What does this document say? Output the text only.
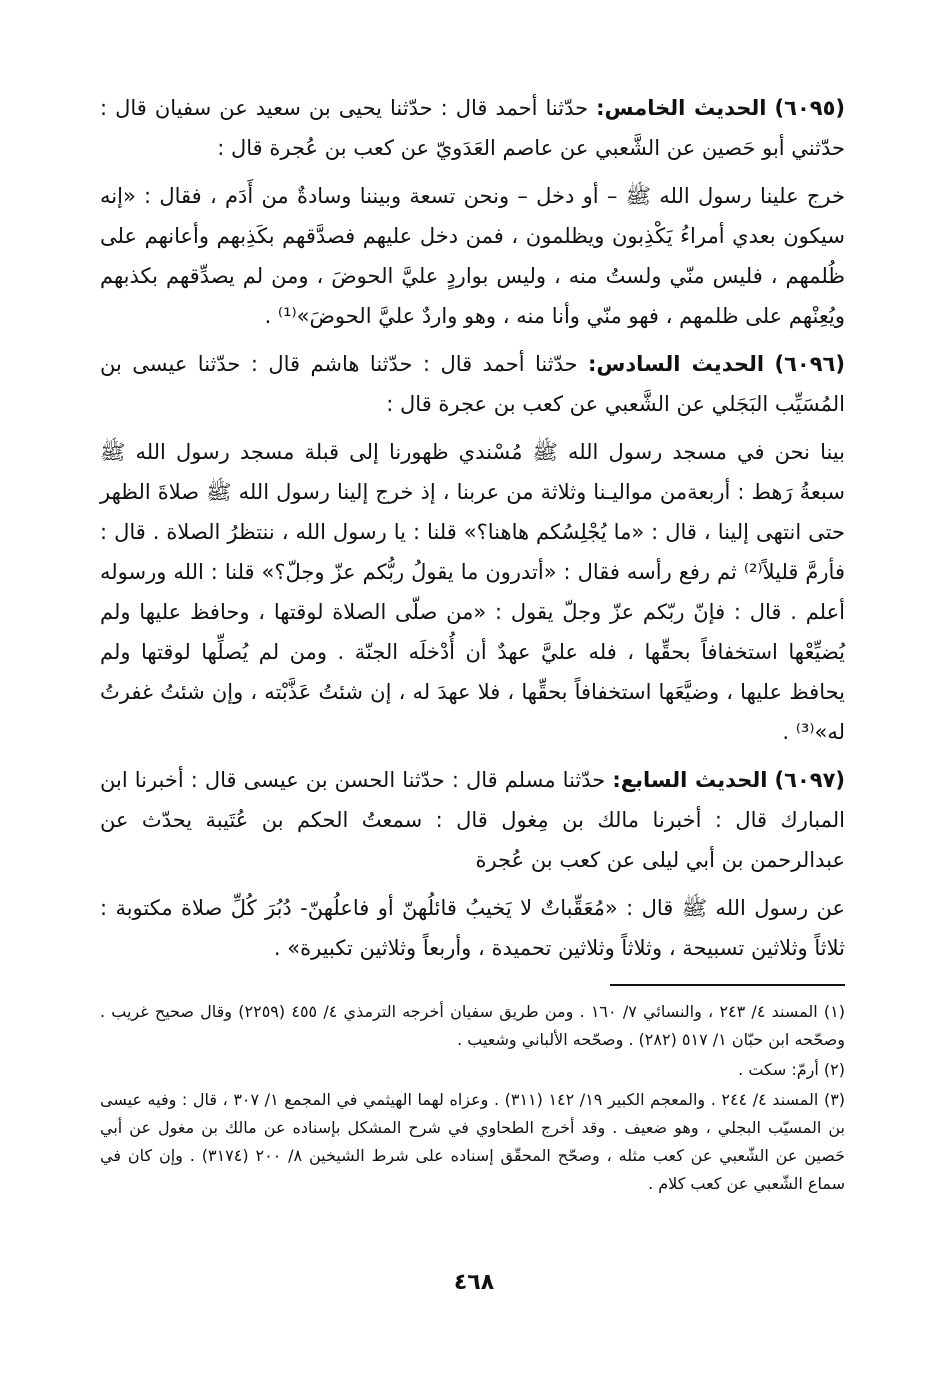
(٦٠٩٥) الحديث الخامس: حدّثنا أحمد قال : حدّثنا يحيى بن سعيد عن سفيان قال : حدّثني أبو حَصين عن الشَّعبي عن عاصم العَدَويّ عن كعب بن عُجرة قال :

خرج علينا رسول الله ﷺ – أو دخل – ونحن تسعة وبيننا وسادةٌ من أَدَم ، فقال : «إنه سيكون بعدي أمراءُ يَكْذِبون ويظلمون ، فمن دخل عليهم فصدَّقهم بكَذِبهم وأعانهم على ظُلمهم ، فليس منّي ولستُ منه ، وليس بواردٍ عليَّ الحوضَ ، ومن لم يصدِّقهم بكذبهم ويُعِنْهم على ظلمهم ، فهو منّي وأنا منه ، وهو واردٌ عليَّ الحوضَ»⁽¹⁾ .

(٦٠٩٦) الحديث السادس: حدّثنا أحمد قال : حدّثنا هاشم قال : حدّثنا عيسى بن المُسَيِّب البَجَلي عن الشَّعبي عن كعب بن عجرة قال :

بينا نحن في مسجد رسول الله ﷺ مُسْندي ظهورنا إلى قبلة مسجد رسول الله ﷺ سبعةُ رَهط : أربعةمن مواليـنا وثلاثة من عربنا ، إذ خرج إلينا رسول الله ﷺ صلاةَ الظهر حتى انتهى إلينا ، قال : «ما يُجْلِسُكم هاهنا؟» قلنا : يا رسول الله ، ننتظرُ الصلاة . قال : فأرمَّ قليلاً⁽²⁾ ثم رفع رأسه فقال : «أتدرون ما يقولُ ربُّكم عزّ وجلّ؟» قلنا : الله ورسوله أعلم . قال : فإنّ ربّكم عزّ وجلّ يقول : «من صلّى الصلاة لوقتها ، وحافظ عليها ولم يُضيِّعْها استخفافاً بحقِّها ، فله عليَّ عهدٌ أن أُدْخلَه الجنّة . ومن لم يُصلِّها لوقتها ولم يحافظ عليها ، وضيَّعَها استخفافاً بحقِّها ، فلا عهدَ له ، إن شئتُ عَذَّبْته ، وإن شئتُ غفرتُ له»⁽³⁾ .

(٦٠٩٧) الحديث السابع: حدّثنا مسلم قال : حدّثنا الحسن بن عيسى قال : أخبرنا ابن المبارك قال : أخبرنا مالك بن مِغول قال : سمعتُ الحكم بن عُتَيبة يحدّث عن عبدالرحمن بن أبي ليلى عن كعب بن عُجرة

عن رسول الله ﷺ قال : «مُعَقِّباتٌ لا يَخيبُ قائلُهنّ أو فاعلُهنّ- دُبُرَ كُلِّ صلاة مكتوبة : ثلاثاً وثلاثين تسبيحة ، وثلاثاً وثلاثين تحميدة ، وأربعاً وثلاثين تكبيرة» .

(١) المسند ٤/ ٢٤٣ ، والنسائي ٧/ ١٦٠ . ومن طريق سفيان أخرجه الترمذي ٤/ ٤٥٥ (٢٢٥٩) وقال صحيح غريب . وصحّحه ابن حبّان ١/ ٥١٧ (٢٨٢) . وصحّحه الألباني وشعيب .

(٢) أرمّ: سكت .

(٣) المسند ٤/ ٢٤٤ . والمعجم الكبير ١٩/ ١٤٢ (٣١١) . وعزاه لهما الهيثمي في المجمع ١/ ٣٠٧ ، قال : وفيه عيسى بن المسيّب البجلي ، وهو ضعيف . وقد أخرج الطحاوي في شرح المشكل بإسناده عن مالك بن مغول عن أبي حَصين عن الشّعبي عن كعب مثله ، وصحّح المحقّق إسناده على شرط الشيخين ٨/ ٢٠٠ (٣١٧٤) . وإن كان في سماع الشّعبي عن كعب كلام .

٤٦٨
